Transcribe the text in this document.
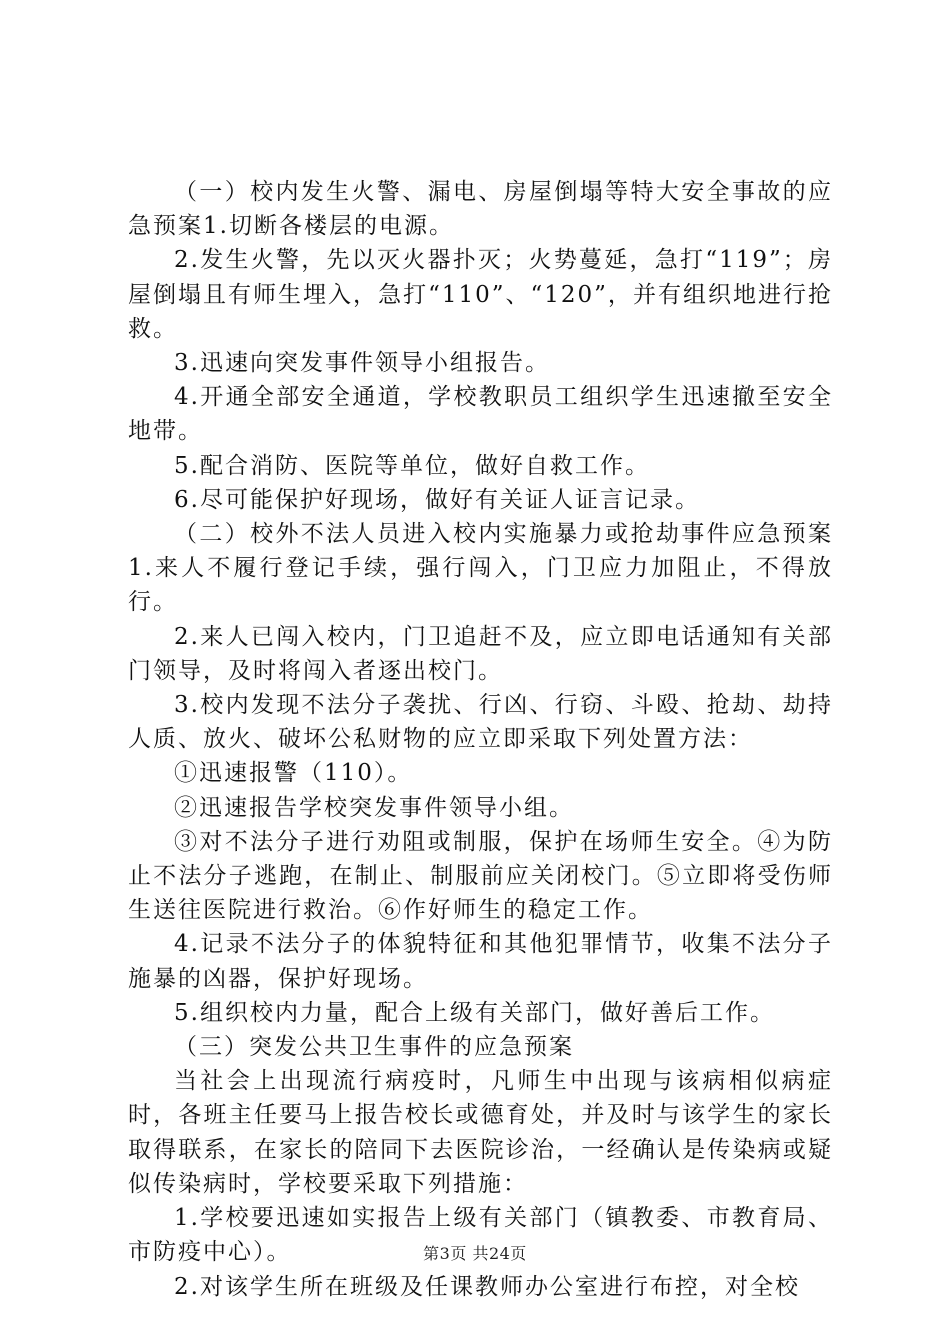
（一）校内发生火警、漏电、房屋倒塌等特大安全事故的应急预案1.切断各楼层的电源。

2.发生火警，先以灭火器扑灭；火势蔓延，急打“119”；房屋倒塌且有师生埋入，急打“110”、“120”，并有组织地进行抢救。

3.迅速向突发事件领导小组报告。

4.开通全部安全通道，学校教职员工组织学生迅速撤至安全地带。

5.配合消防、医院等单位，做好自救工作。

6.尽可能保护好现场，做好有关证人证言记录。

（二）校外不法人员进入校内实施暴力或抢劫事件应急预案1.来人不履行登记手续，强行闯入，门卫应力加阻止，不得放行。

2.来人已闯入校内，门卫追赶不及，应立即电话通知有关部门领导，及时将闯入者逐出校门。

3.校内发现不法分子袭扰、行凶、行窃、斗殴、抢劫、劫持人质、放火、破坏公私财物的应立即采取下列处置方法：

①迅速报警（110）。

②迅速报告学校突发事件领导小组。

③对不法分子进行劝阻或制服，保护在场师生安全。④为防止不法分子逃跑，在制止、制服前应关闭校门。⑤立即将受伤师生送往医院进行救治。⑥作好师生的稳定工作。

4.记录不法分子的体貌特征和其他犯罪情节，收集不法分子施暴的凶器，保护好现场。

5.组织校内力量，配合上级有关部门，做好善后工作。

（三）突发公共卫生事件的应急预案

当社会上出现流行病疫时，凡师生中出现与该病相似病症时，各班主任要马上报告校长或德育处，并及时与该学生的家长取得联系，在家长的陪同下去医院诊治，一经确认是传染病或疑似传染病时，学校要采取下列措施：

1.学校要迅速如实报告上级有关部门（镇教委、市教育局、市防疫中心）。

2.对该学生所在班级及任课教师办公室进行布控，对全校

第3页 共24页
